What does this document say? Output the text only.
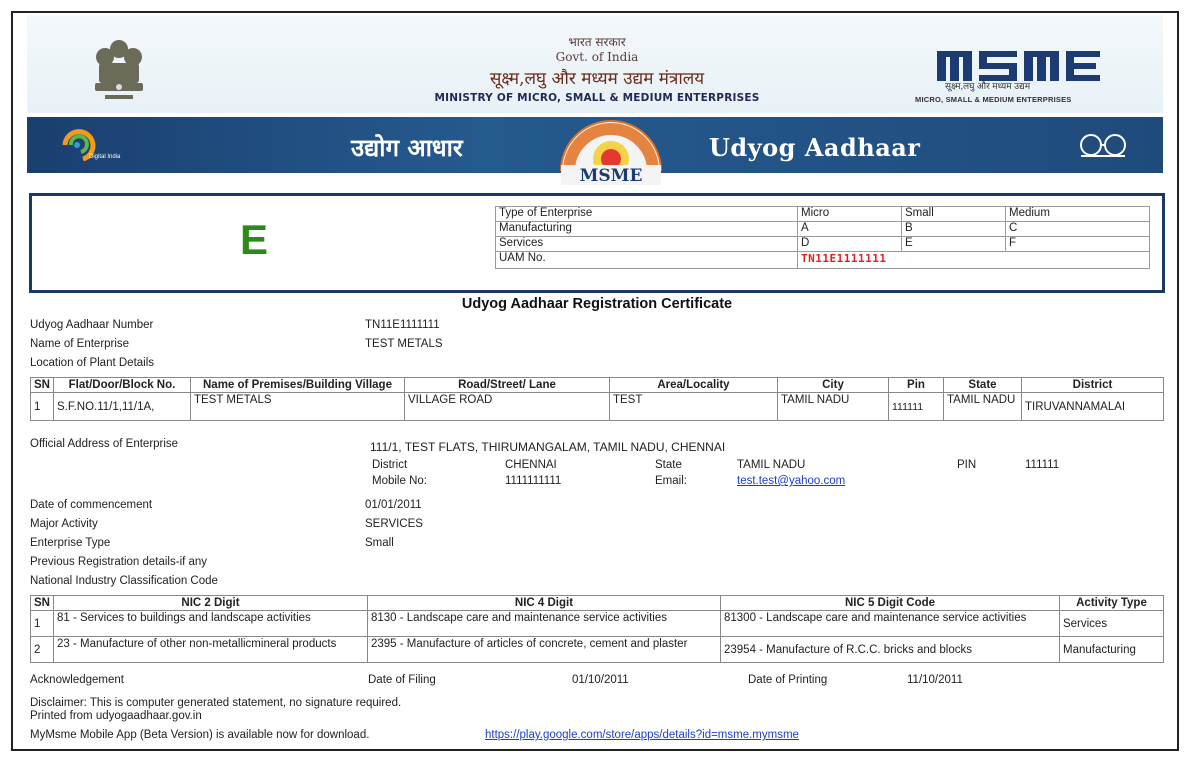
भारत सरकार
Govt. of India
सूक्ष्म,लघु और मध्यम उद्यम मंत्रालय
MINISTRY OF MICRO, SMALL & MEDIUM ENTERPRISES
सूक्ष्म,लघु और मध्यम उद्यम
MICRO, SMALL & MEDIUM ENTERPRISES
Digital India	उद्योग आधार
MSME
Udyog Aadhaar
E
Type of Enterprise	Micro	Small	Medium
Manufacturing	A	B	C
Services	D	E	F
UAM No.	TN11E1111111		
Udyog Aadhaar Registration Certificate
Udyog Aadhaar Number	TN11E1111111
Name of Enterprise	TEST METALS
Location of Plant Details
SN	Flat/Door/Block No.	Name of Premises/Building Village	Road/Street/ Lane	Area/Locality	City	Pin	State	District
1	S.F.NO.11/1,11/1A,	TEST METALS	VILLAGE ROAD	TEST	TAMIL NADU	111111	TAMIL NADU	TIRUVANNAMALAI
Official Address of Enterprise	111/1, TEST FLATS, THIRUMANGALAM, TAMIL NADU, CHENNAI
District	CHENNAI	State	TAMIL NADU	PIN	111111
Mobile No:	1111111111	Email:	test.test@yahoo.com
Date of commencement	01/01/2011
Major Activity	SERVICES
Enterprise Type	Small
Previous Registration details-if any
National Industry Classification Code
SN	NIC 2 Digit	NIC 4 Digit	NIC 5 Digit Code	Activity Type
1	81 - Services to buildings and landscape activities	8130 - Landscape care and maintenance service activities	81300 - Landscape care and maintenance service activities	Services
2	23 - Manufacture of other non-metallicmineral products	2395 - Manufacture of articles of concrete, cement and plaster	23954 - Manufacture of R.C.C. bricks and blocks	Manufacturing
Acknowledgement	Date of Filing	01/10/2011	Date of Printing	11/10/2011
Disclaimer: This is computer generated statement, no signature required.
Printed from udyogaadhaar.gov.in
MyMsme Mobile App (Beta Version) is available now for download.	https://play.google.com/store/apps/details?id=msme.mymsme
